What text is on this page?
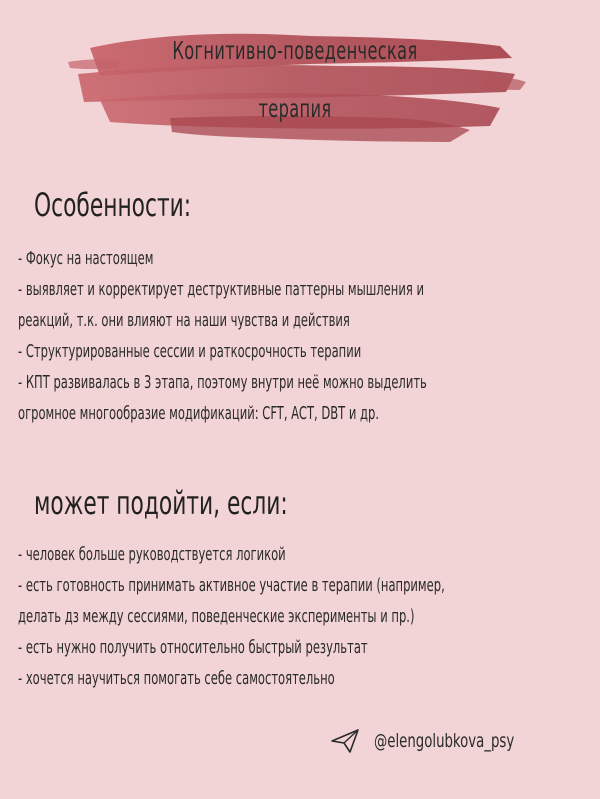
Когнитивно-поведенческая
терапия
Особенности:
- Фокус на настоящем
- выявляет и корректирует деструктивные паттерны мышления и
реакций, т.к. они влияют на наши чувства и действия
- Структурированные сессии и раткосрочность терапии
- КПТ развивалась в 3 этапа, поэтому внутри неё можно выделить
огромное многообразие модификаций: CFT, ACT, DBT и др.
может подойти, если:
- человек больше руководствуется логикой
- есть готовность принимать активное участие в терапии (например,
делать дз между сессиями, поведенческие эксперименты и пр.)
- есть нужно получить относительно быстрый результат
- хочется научиться помогать себе самостоятельно
@elengolubkova_psy
